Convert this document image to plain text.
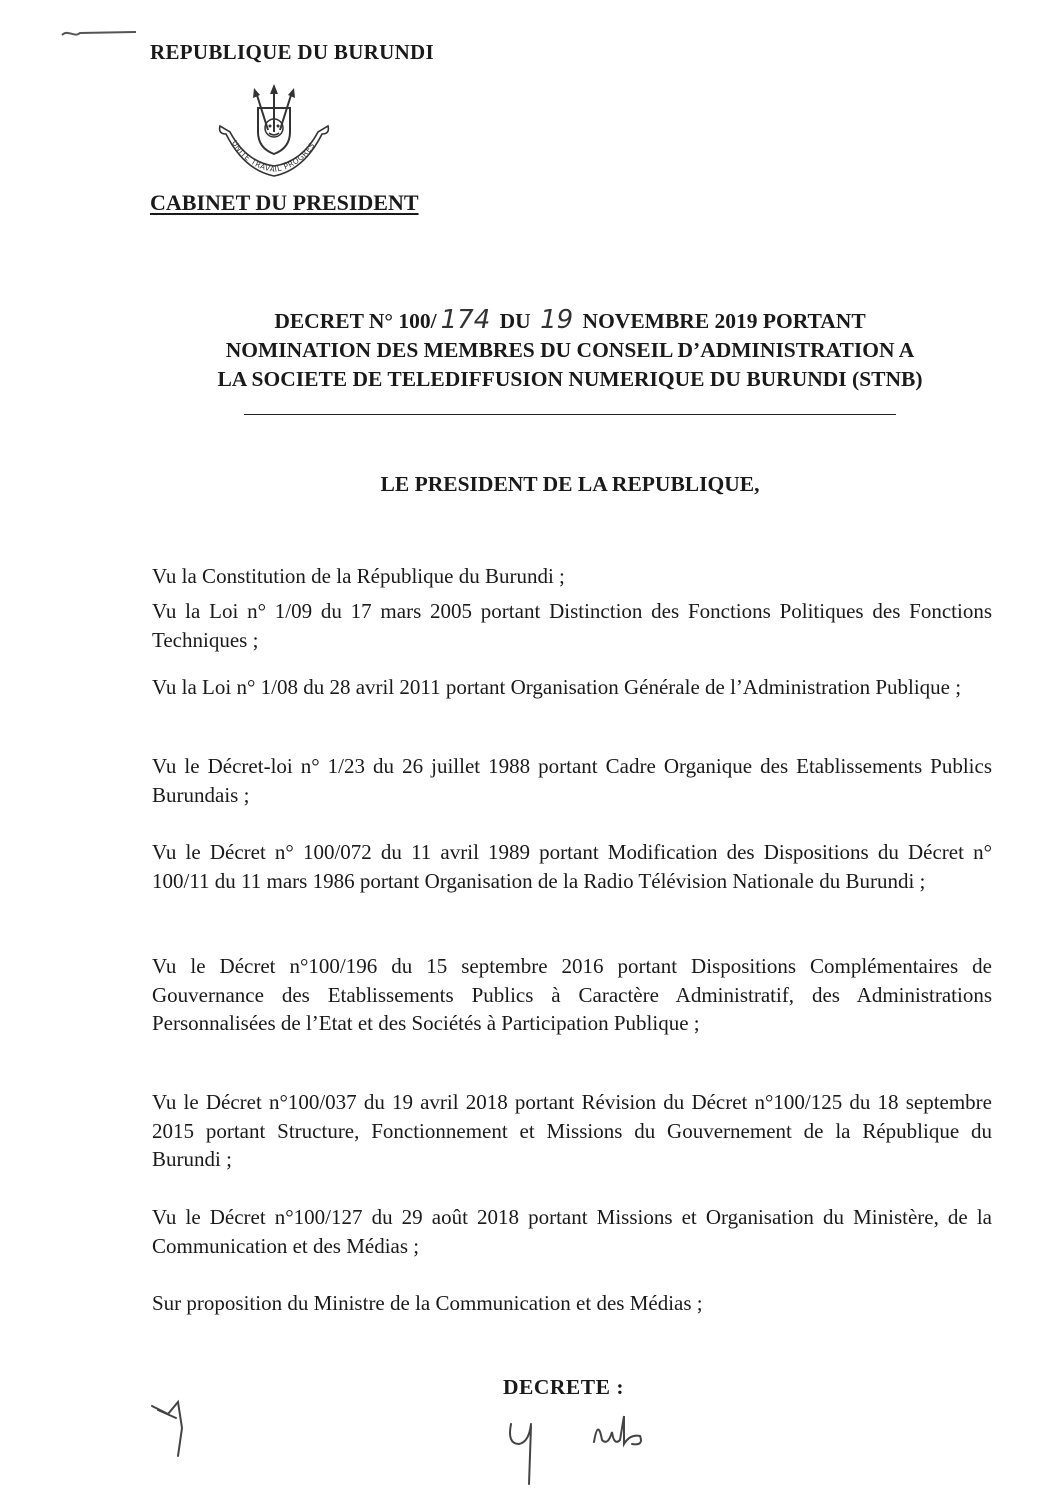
REPUBLIQUE DU BURUNDI
UNITE TRAVAIL PROGRES
CABINET DU PRESIDENT
DECRET N° 100/ 174 DU 19 NOVEMBRE 2019 PORTANT
NOMINATION DES MEMBRES DU CONSEIL D’ADMINISTRATION A
LA SOCIETE DE TELEDIFFUSION NUMERIQUE DU BURUNDI (STNB)
LE PRESIDENT DE LA REPUBLIQUE,
Vu la Constitution de la République du Burundi ;
Vu la Loi n° 1/09 du 17 mars 2005 portant Distinction des Fonctions Politiques des Fonctions Techniques ;
Vu la Loi n° 1/08 du 28 avril 2011 portant Organisation Générale de l’Administration Publique ;
Vu le Décret-loi n° 1/23 du 26 juillet 1988 portant Cadre Organique des Etablissements Publics Burundais ;
Vu le Décret n° 100/072 du 11 avril 1989 portant Modification des Dispositions du Décret n° 100/11 du 11 mars 1986 portant Organisation de la Radio Télévision Nationale du Burundi ;
Vu le Décret n°100/196 du 15 septembre 2016 portant Dispositions Complémentaires de Gouvernance des Etablissements Publics à Caractère Administratif, des Administrations Personnalisées de l’Etat et des Sociétés à Participation Publique ;
Vu le Décret n°100/037 du 19 avril 2018 portant Révision du Décret n°100/125 du 18 septembre 2015 portant Structure, Fonctionnement et Missions du Gouvernement de la République du Burundi ;
Vu le Décret n°100/127 du 29 août 2018 portant Missions et Organisation du Ministère, de la Communication et des Médias ;
Sur proposition du Ministre de la Communication et des Médias ;
DECRETE :
